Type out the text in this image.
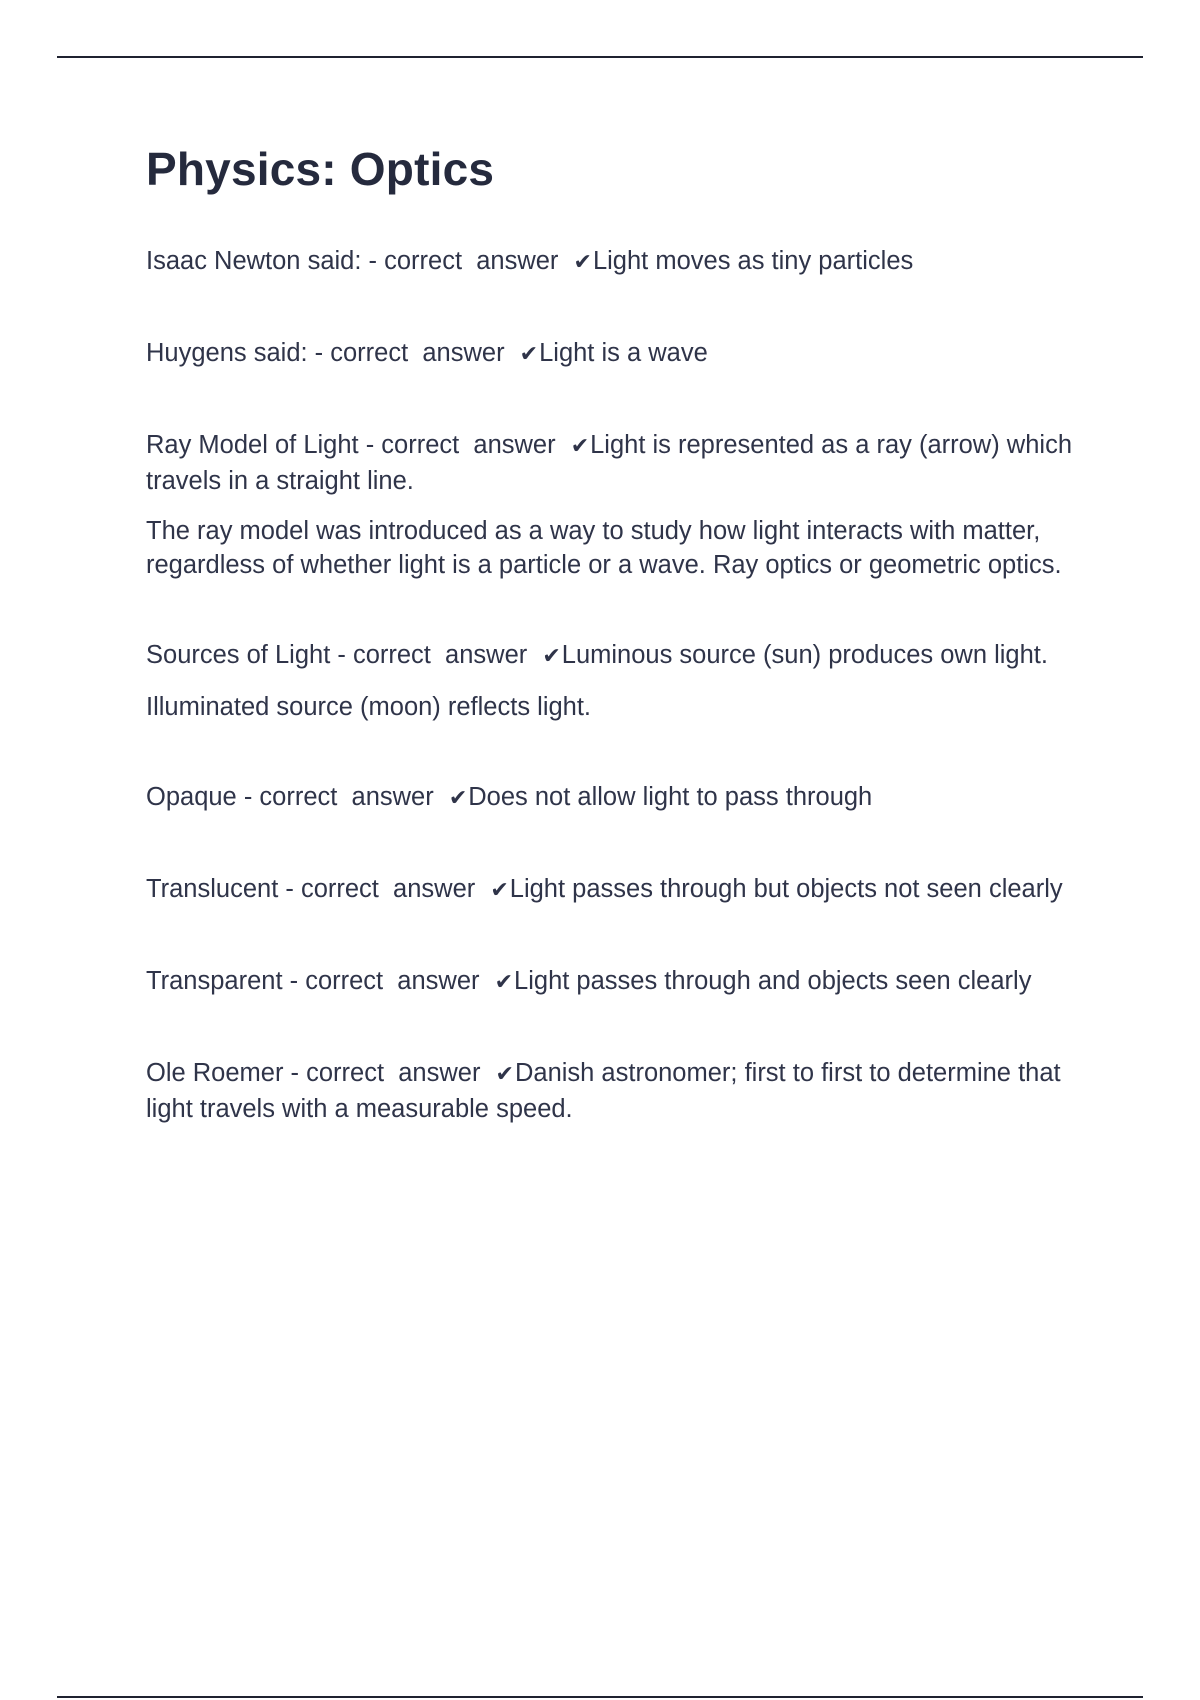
Physics: Optics

Isaac Newton said: - correct  answer ✔Light moves as tiny particles

Huygens said: - correct  answer ✔Light is a wave

Ray Model of Light - correct  answer ✔Light is represented as a ray (arrow) which travels in a straight line.

The ray model was introduced as a way to study how light interacts with matter, regardless of whether light is a particle or a wave. Ray optics or geometric optics.

Sources of Light - correct  answer ✔Luminous source (sun) produces own light.

Illuminated source (moon) reflects light.

Opaque - correct  answer ✔Does not allow light to pass through

Translucent - correct  answer ✔Light passes through but objects not seen clearly

Transparent - correct  answer ✔Light passes through and objects seen clearly

Ole Roemer - correct  answer ✔Danish astronomer; first to first to determine that light travels with a measurable speed.
